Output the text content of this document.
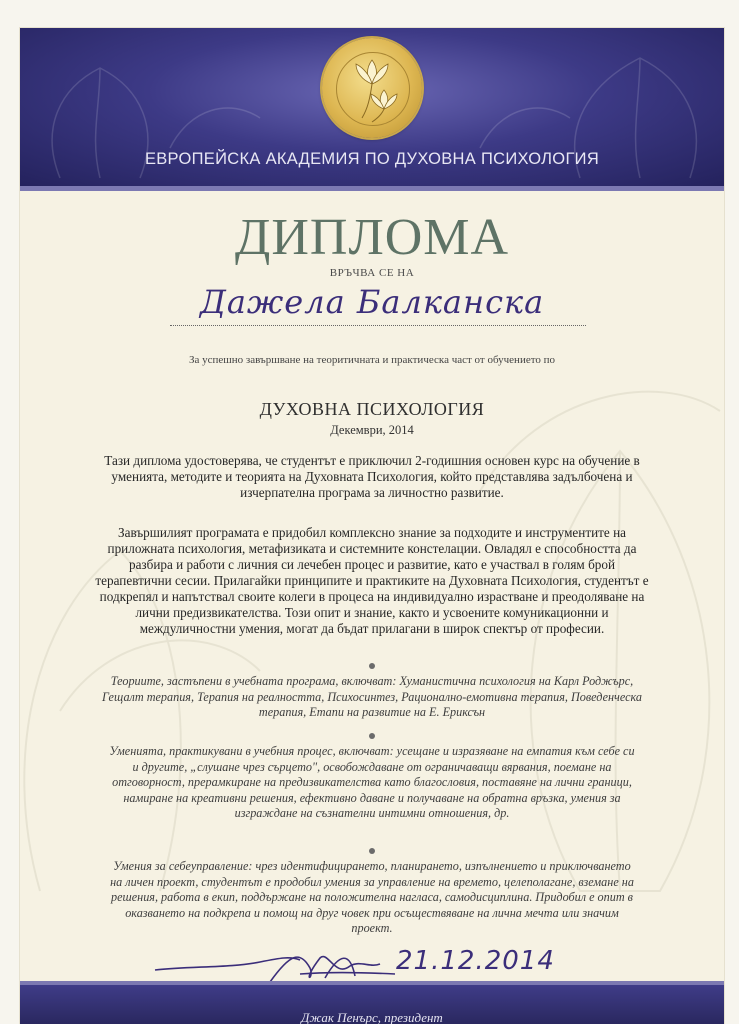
ЕВРОПЕЙСКА АКАДЕМИЯ ПО ДУХОВНА ПСИХОЛОГИЯ
ДИПЛОМА
ВРЪЧВА СЕ НА
Дажела Балканска
За успешно завършване на теоритичната и практическа част от обучението по
ДУХОВНА ПСИХОЛОГИЯ
Декември, 2014
Тази диплома удостоверява, че студентът е приключил 2-годишния основен курс на обучение в уменията, методите и теорията на Духовната Психология, който представлява задълбочена и изчерпателна програма за личностно развитие.
Завършилият програмата е придобил комплексно знание за подходите и инструментите на приложната психология, метафизиката и системните констелации. Овладял е способността да разбира и работи с личния си лечебен процес и развитие, като е участвал в голям брой терапевтични сесии. Прилагайки принципите и практиките на Духовната Психология, студентът е подкрепял и напътствал своите колеги в процеса на индивидуално израстване и преодоляване на лични предизвикателства. Този опит и знание, както и усвоените комуникационни и междуличностни умения, могат да бъдат прилагани в широк спектър от професии.
Теориите, застъпени в учебната програма, включват: Хуманистична психология на Карл Роджърс, Гещалт терапия, Терапия на реалността, Психосинтез, Рационално-емотивна терапия, Поведенческа терапия, Етапи на развитие на Е. Ериксън
Уменията, практикувани в учебния процес, включват: усещане и изразяване на емпатия към себе си и другите, „слушане чрез сърцето", освобождаване от ограничаващи вярвания, поемане на отговорност, прерамкиране на предизвикателства като благословия, поставяне на лични граници, намиране на креативни решения, ефективно даване и получаване на обратна връзка, умения за изграждане на съзнателни интимни отношения, др.
Умения за себеуправление: чрез идентифицирането, планирането, изпълнението и приключването на личен проект, студентът е продобил умения за управление на времето, целеполагане, вземане на решения, работа в екип, поддържане на положителна нагласа, самодисциплина. Придобил е опит в оказването на подкрепа и помощ на друг човек при осъществяване на лична мечта или значим проект.
21.12.2014
Джак Пенърс, президент
